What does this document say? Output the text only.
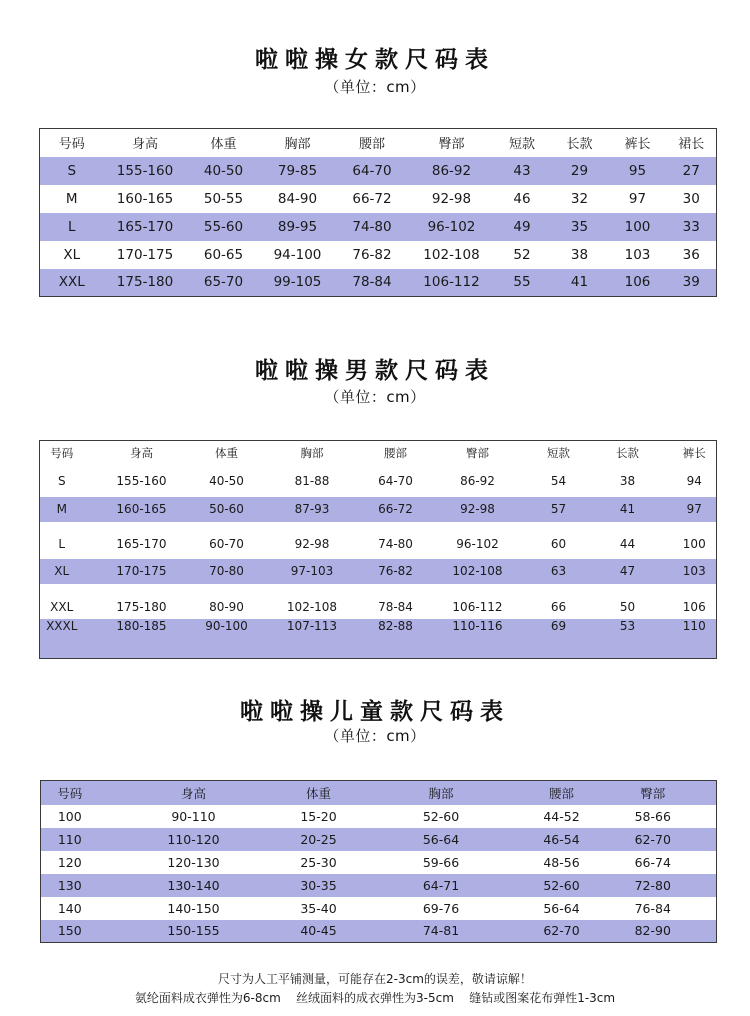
啦啦操女款尺码表
（单位：cm）
号码	身高	体重	胸部	腰部	臀部	短款	长款	裤长	裙长
S	155-160	40-50	79-85	64-70	86-92	43	29	95	27
M	160-165	50-55	84-90	66-72	92-98	46	32	97	30
L	165-170	55-60	89-95	74-80	96-102	49	35	100	33
XL	170-175	60-65	94-100	76-82	102-108	52	38	103	36
XXL	175-180	65-70	99-105	78-84	106-112	55	41	106	39
啦啦操男款尺码表
（单位：cm）
号码	身高	体重	胸部	腰部	臀部	短款	长款	裤长
S	155-160	40-50	81-88	64-70	86-92	54	38	94
M	160-165	50-60	87-93	66-72	92-98	57	41	97
L	165-170	60-70	92-98	74-80	96-102	60	44	100
XL	170-175	70-80	97-103	76-82	102-108	63	47	103
XXL	175-180	80-90	102-108	78-84	106-112	66	50	106
XXXL	180-185	90-100	107-113	82-88	110-116	69	53	110

啦啦操儿童款尺码表
（单位：cm）
号码	身高	体重	胸部	腰部	臀部
100	90-110	15-20	52-60	44-52	58-66
110	110-120	20-25	56-64	46-54	62-70
120	120-130	25-30	59-66	48-56	66-74
130	130-140	30-35	64-71	52-60	72-80
140	140-150	35-40	69-76	56-64	76-84
150	150-155	40-45	74-81	62-70	82-90
尺寸为人工平铺测量，可能存在2-3cm的误差，敬请谅解！
氨纶面料成衣弹性为6-8cm    丝绒面料的成衣弹性为3-5cm    缝钻或图案花布弹性1-3cm
